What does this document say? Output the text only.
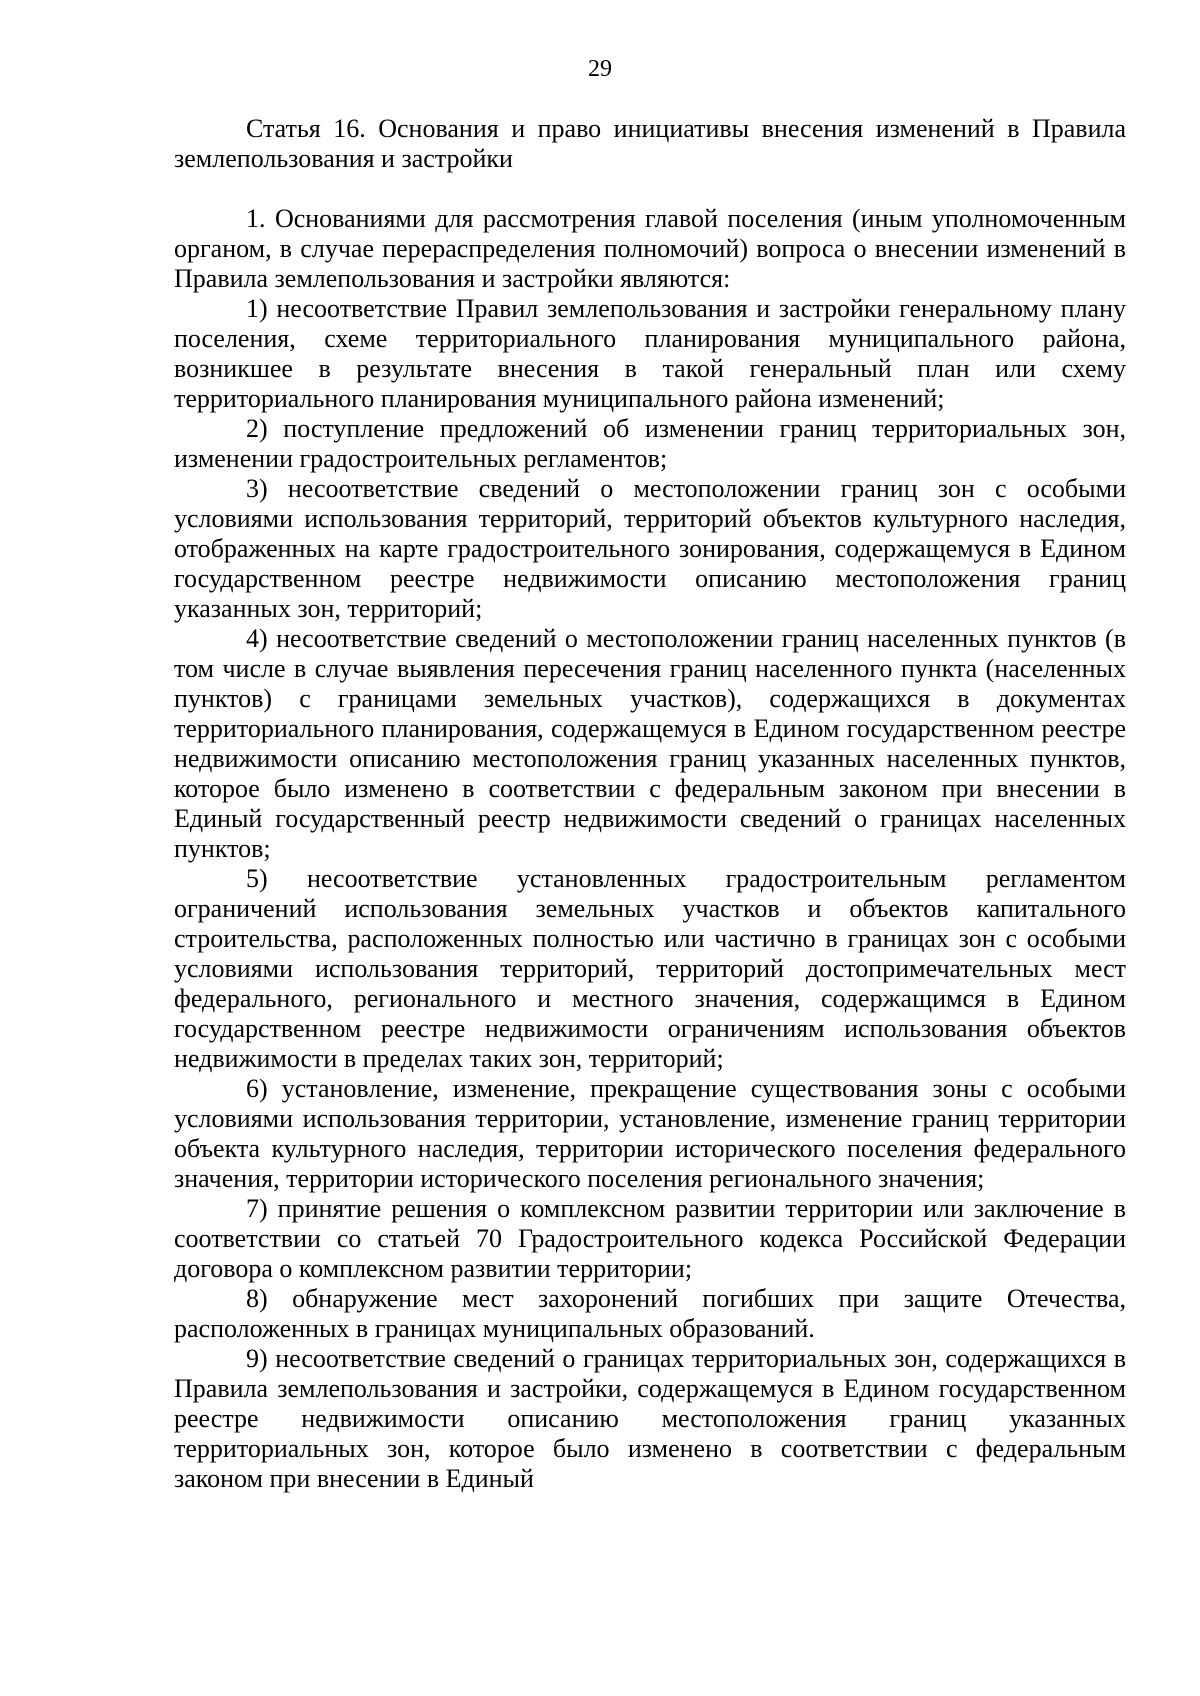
29

Статья 16. Основания и право инициативы внесения изменений в Правила землепользования и застройки

1. Основаниями для рассмотрения главой поселения (иным уполномоченным органом, в случае перераспределения полномочий) вопроса о внесении изменений в Правила землепользования и застройки являются:

1) несоответствие Правил землепользования и застройки генеральному плану поселения, схеме территориального планирования муниципального района, возникшее в результате внесения в такой генеральный план или схему территориального планирования муниципального района изменений;

2) поступление предложений об изменении границ территориальных зон, изменении градостроительных регламентов;

3) несоответствие сведений о местоположении границ зон с особыми условиями использования территорий, территорий объектов культурного наследия, отображенных на карте градостроительного зонирования, содержащемуся в Едином государственном реестре недвижимости описанию местоположения границ указанных зон, территорий;

4) несоответствие сведений о местоположении границ населенных пунктов (в том числе в случае выявления пересечения границ населенного пункта (населенных пунктов) с границами земельных участков), содержащихся в документах территориального планирования, содержащемуся в Едином государственном реестре недвижимости описанию местоположения границ указанных населенных пунктов, которое было изменено в соответствии с федеральным законом при внесении в Единый государственный реестр недвижимости сведений о границах населенных пунктов;

5) несоответствие установленных градостроительным регламентом ограничений использования земельных участков и объектов капитального строительства, расположенных полностью или частично в границах зон с особыми условиями использования территорий, территорий достопримечательных мест федерального, регионального и местного значения, содержащимся в Едином государственном реестре недвижимости ограничениям использования объектов недвижимости в пределах таких зон, территорий;

6) установление, изменение, прекращение существования зоны с особыми условиями использования территории, установление, изменение границ территории объекта культурного наследия, территории исторического поселения федерального значения, территории исторического поселения регионального значения;

7) принятие решения о комплексном развитии территории или заключение в соответствии со статьей 70 Градостроительного кодекса Российской Федерации договора о комплексном развитии территории;

8) обнаружение мест захоронений погибших при защите Отечества, расположенных в границах муниципальных образований.

9) несоответствие сведений о границах территориальных зон, содержащихся в Правила землепользования и застройки, содержащемуся в Едином государственном реестре недвижимости описанию местоположения границ указанных территориальных зон, которое было изменено в соответствии с федеральным законом при внесении в Единый
